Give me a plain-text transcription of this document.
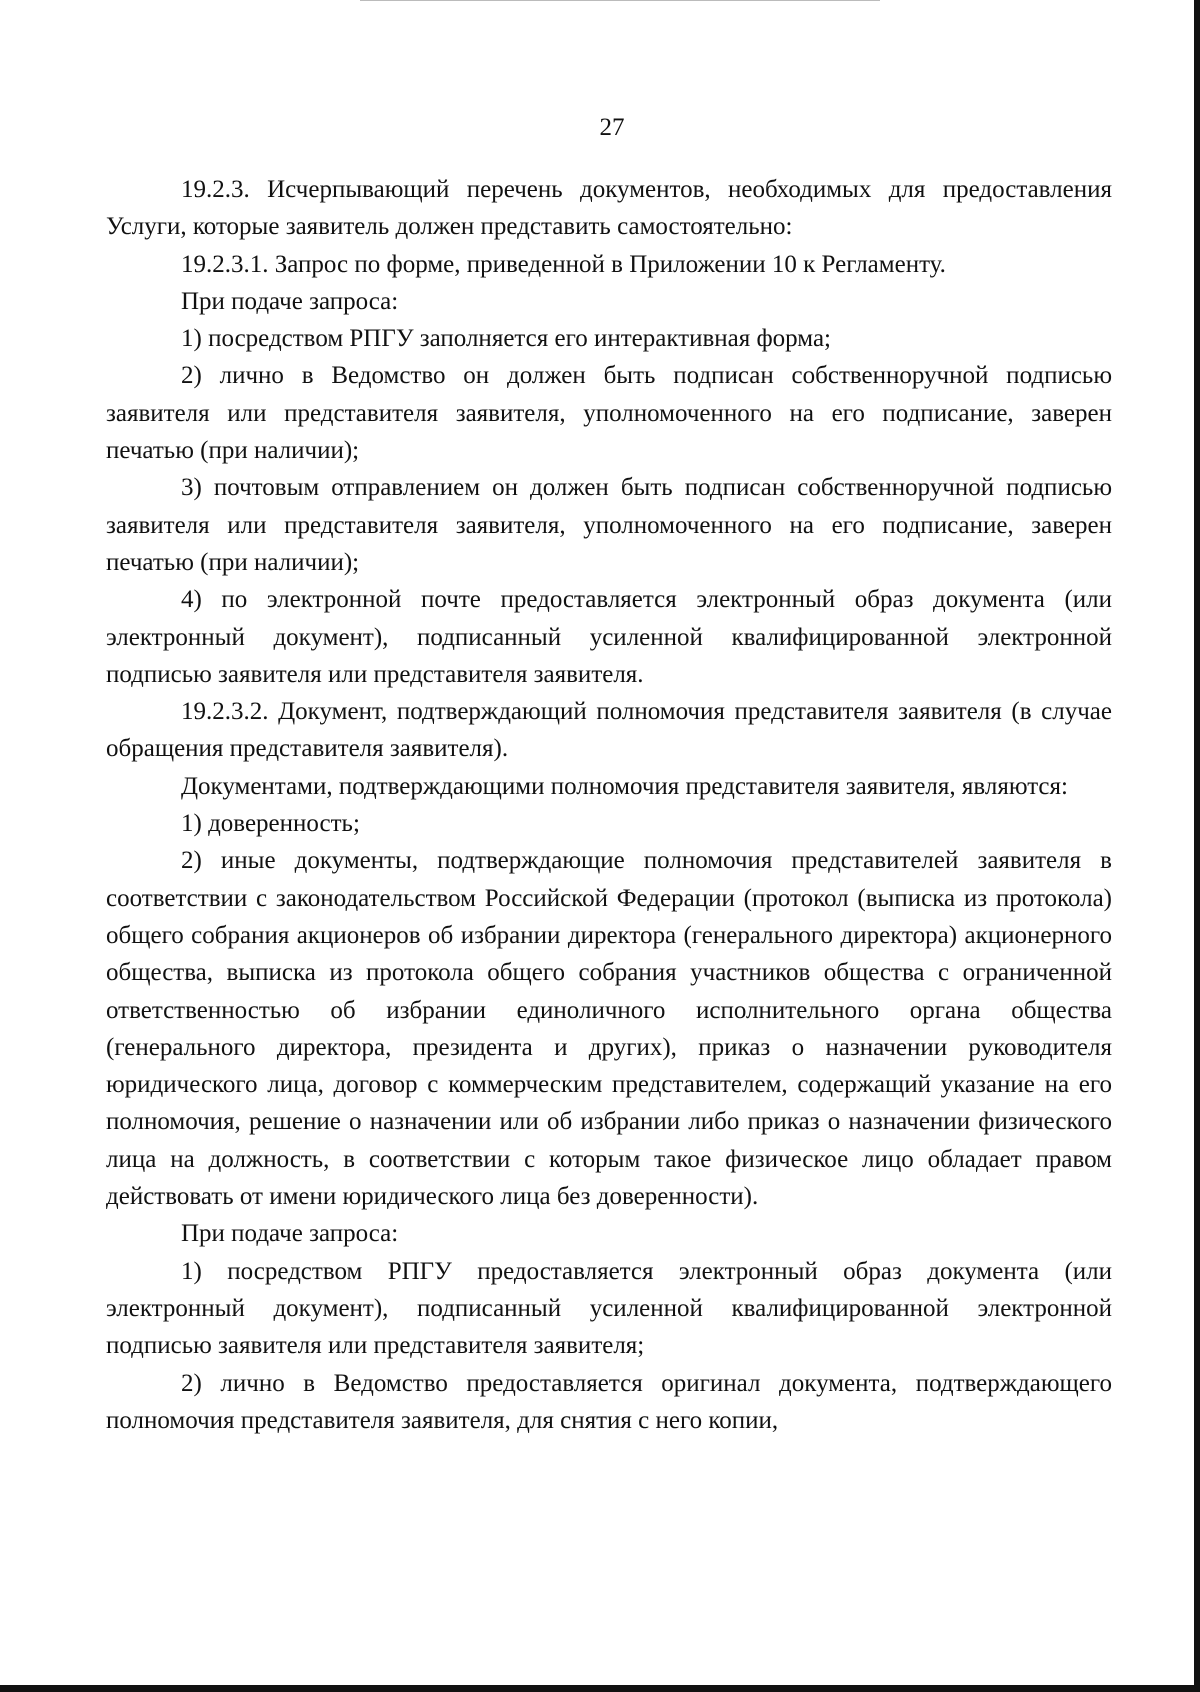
27

19.2.3. Исчерпывающий перечень документов, необходимых для предоставления Услуги, которые заявитель должен представить самостоятельно:

19.2.3.1. Запрос по форме, приведенной в Приложении 10 к Регламенту.

При подаче запроса:

1) посредством РПГУ заполняется его интерактивная форма;

2) лично в Ведомство он должен быть подписан собственноручной подписью заявителя или представителя заявителя, уполномоченного на его подписание, заверен печатью (при наличии);

3) почтовым отправлением он должен быть подписан собственноручной подписью заявителя или представителя заявителя, уполномоченного на его подписание, заверен печатью (при наличии);

4) по электронной почте предоставляется электронный образ документа (или электронный документ), подписанный усиленной квалифицированной электронной подписью заявителя или представителя заявителя.

19.2.3.2. Документ, подтверждающий полномочия представителя заявителя (в случае обращения представителя заявителя).

Документами, подтверждающими полномочия представителя заявителя, являются:

1) доверенность;

2) иные документы, подтверждающие полномочия представителей заявителя в соответствии с законодательством Российской Федерации (протокол (выписка из протокола) общего собрания акционеров об избрании директора (генерального директора) акционерного общества, выписка из протокола общего собрания участников общества с ограниченной ответственностью об избрании единоличного исполнительного органа общества (генерального директора, президента и других), приказ о назначении руководителя юридического лица, договор с коммерческим представителем, содержащий указание на его полномочия, решение о назначении или об избрании либо приказ о назначении физического лица на должность, в соответствии с которым такое физическое лицо обладает правом действовать от имени юридического лица без доверенности).

При подаче запроса:

1) посредством РПГУ предоставляется электронный образ документа (или электронный документ), подписанный усиленной квалифицированной электронной подписью заявителя или представителя заявителя;

2) лично в Ведомство предоставляется оригинал документа, подтверждающего полномочия представителя заявителя, для снятия с него копии,
